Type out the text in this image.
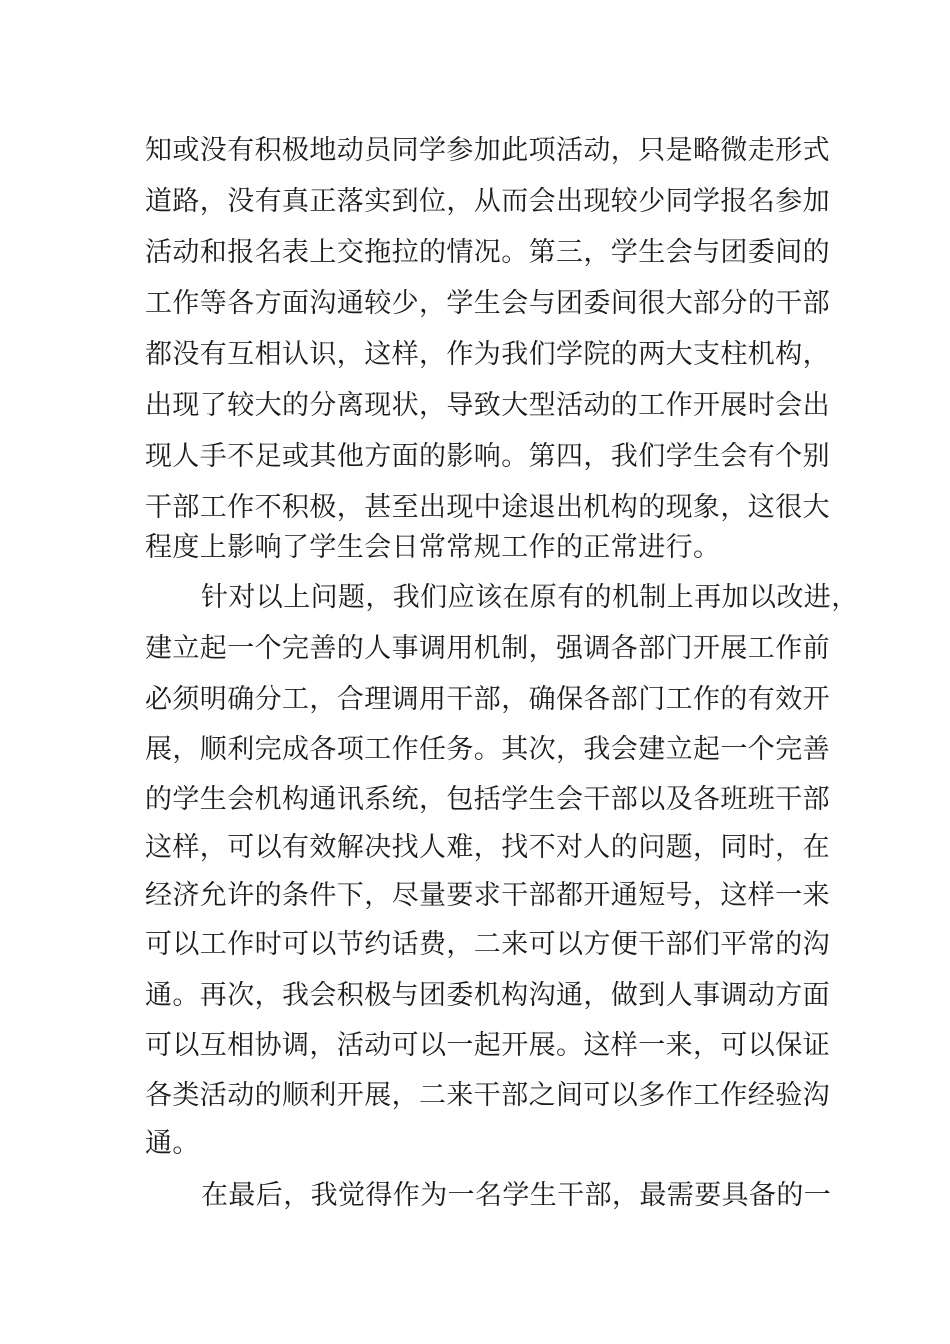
知或没有积极地动员同学参加此项活动，只是略微走形式
道路，没有真正落实到位，从而会出现较少同学报名参加
活动和报名表上交拖拉的情况。第三，学生会与团委间的
工作等各方面沟通较少，学生会与团委间很大部分的干部
都没有互相认识，这样，作为我们学院的两大支柱机构，
出现了较大的分离现状，导致大型活动的工作开展时会出
现人手不足或其他方面的影响。第四，我们学生会有个别
干部工作不积极，甚至出现中途退出机构的现象，这很大
程度上影响了学生会日常常规工作的正常进行。
针对以上问题，我们应该在原有的机制上再加以改进，
建立起一个完善的人事调用机制，强调各部门开展工作前
必须明确分工，合理调用干部，确保各部门工作的有效开
展，顺利完成各项工作任务。其次，我会建立起一个完善
的学生会机构通讯系统，包括学生会干部以及各班班干部
这样，可以有效解决找人难，找不对人的问题，同时，在
经济允许的条件下，尽量要求干部都开通短号，这样一来
可以工作时可以节约话费，二来可以方便干部们平常的沟
通。再次，我会积极与团委机构沟通，做到人事调动方面
可以互相协调，活动可以一起开展。这样一来，可以保证
各类活动的顺利开展，二来干部之间可以多作工作经验沟
通。
在最后，我觉得作为一名学生干部，最需要具备的一
